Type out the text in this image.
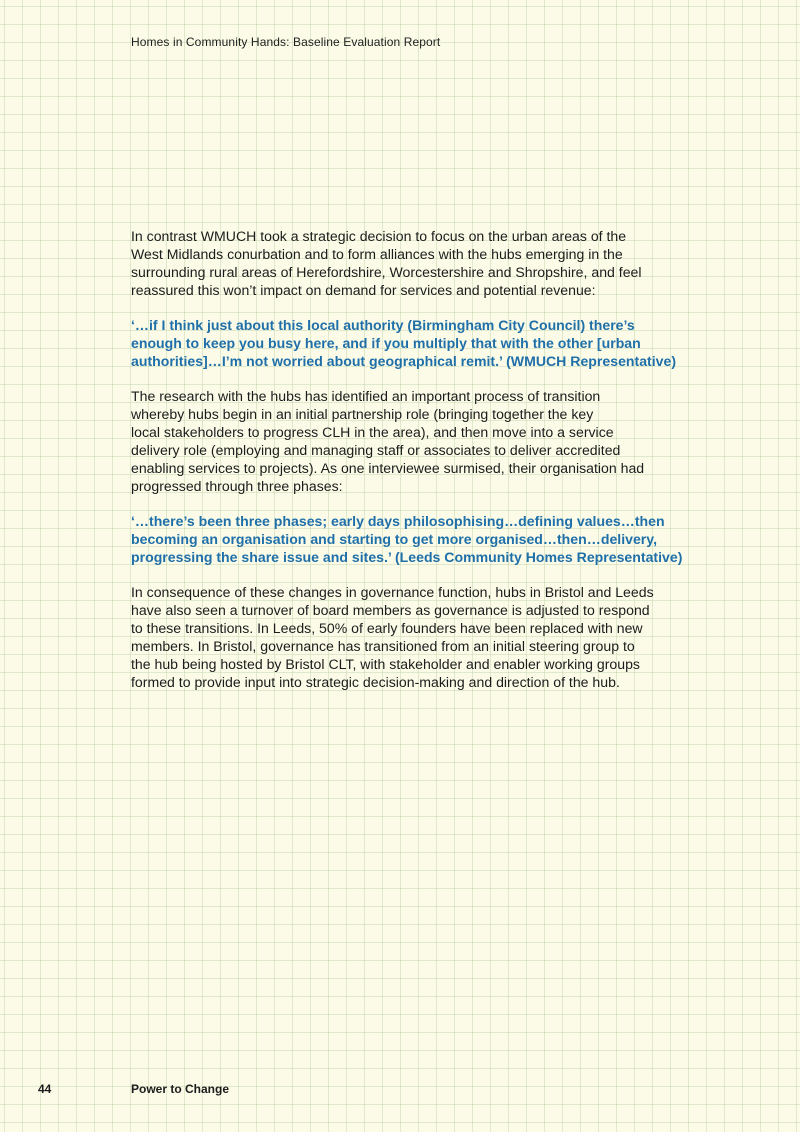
Homes in Community Hands: Baseline Evaluation Report

In contrast WMUCH took a strategic decision to focus on the urban areas of the
West Midlands conurbation and to form alliances with the hubs emerging in the
surrounding rural areas of Herefordshire, Worcestershire and Shropshire, and feel
reassured this won’t impact on demand for services and potential revenue:

‘…if I think just about this local authority (Birmingham City Council) there’s
enough to keep you busy here, and if you multiply that with the other [urban
authorities]…I’m not worried about geographical remit.’ (WMUCH Representative)

The research with the hubs has identified an important process of transition
whereby hubs begin in an initial partnership role (bringing together the key
local stakeholders to progress CLH in the area), and then move into a service
delivery role (employing and managing staff or associates to deliver accredited
enabling services to projects). As one interviewee surmised, their organisation had
progressed through three phases:

‘…there’s been three phases; early days philosophising…defining values…then
becoming an organisation and starting to get more organised…then…delivery,
progressing the share issue and sites.’ (Leeds Community Homes Representative)

In consequence of these changes in governance function, hubs in Bristol and Leeds
have also seen a turnover of board members as governance is adjusted to respond
to these transitions. In Leeds, 50% of early founders have been replaced with new
members. In Bristol, governance has transitioned from an initial steering group to
the hub being hosted by Bristol CLT, with stakeholder and enabler working groups
formed to provide input into strategic decision-making and direction of the hub.

44	Power to Change
